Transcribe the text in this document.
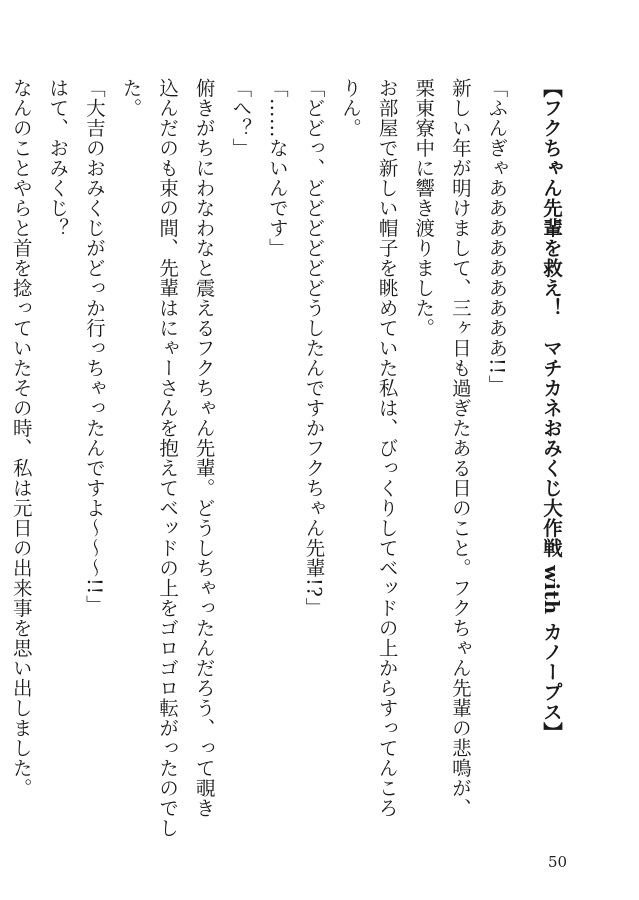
【フクちゃん先輩を救え！　マチカネおみくじ大作戦 with カノープス】
「ふんぎゃあああああああああ!!」
新しい年が明けまして、三ヶ日も過ぎたある日のこと。フクちゃん先輩の悲鳴が、
栗東寮中に響き渡りました。
お部屋で新しい帽子を眺めていた私は、びっくりしてベッドの上からすってんころ
りん。
「どどっ、どどどどどどうしたんですかフクちゃん先輩!?」
「……ないんです」
「へ？」
俯きがちにわなわなと震えるフクちゃん先輩。どうしちゃったんだろう、って覗き
込んだのも束の間、先輩はにゃーさんを抱えてベッドの上をゴロゴロ転がったのでし
た。
「大吉のおみくじがどっか行っちゃったんですよ〜〜〜!!」
はて、おみくじ？
なんのことやらと首を捻っていたその時、私は元日の出来事を思い出しました。
50
